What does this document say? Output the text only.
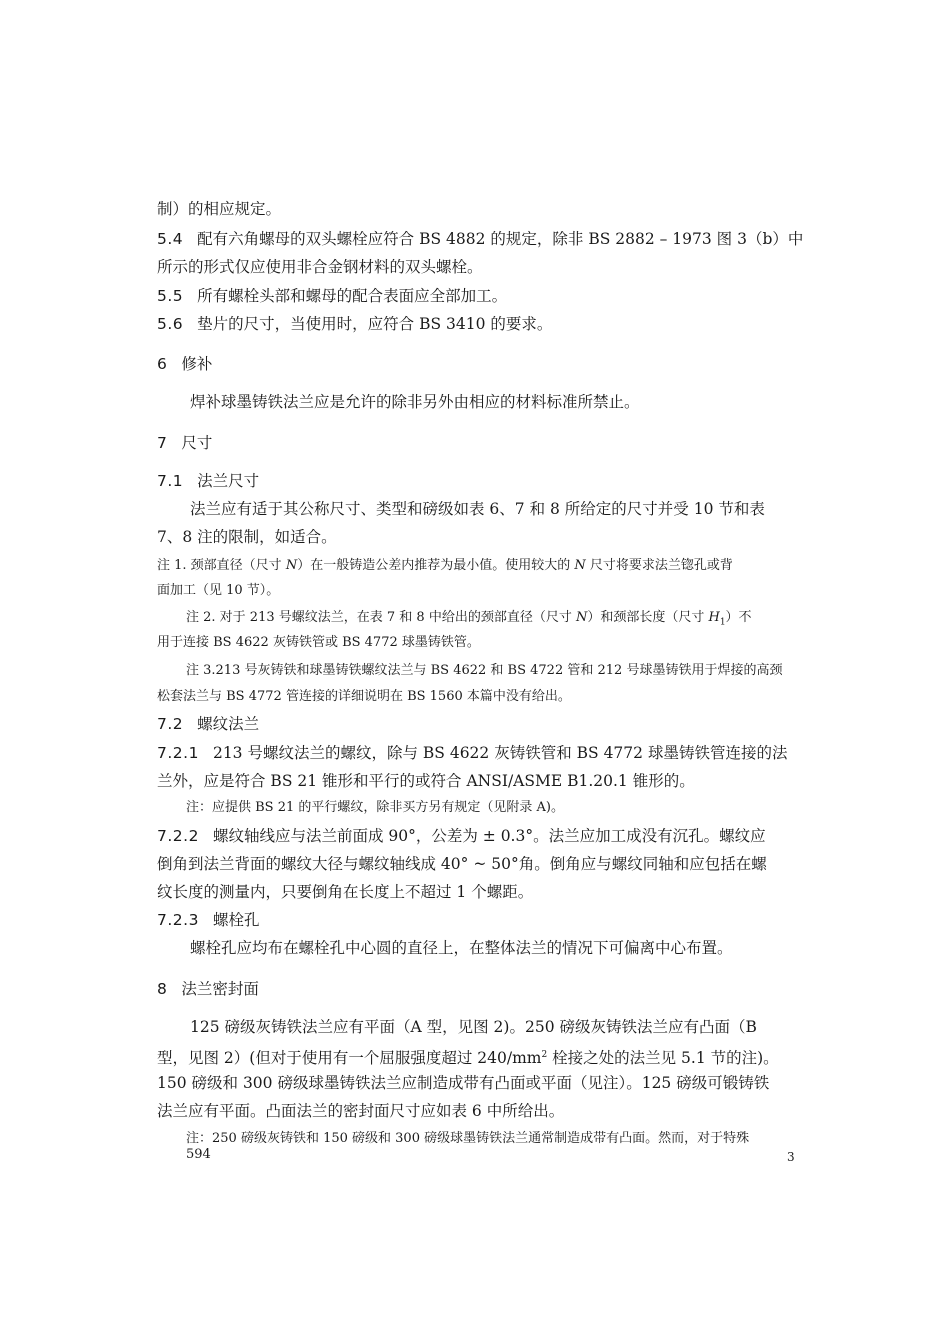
制）的相应规定。
5.4 配有六角螺母的双头螺栓应符合 BS 4882 的规定，除非 BS 2882 – 1973 图 3（b）中
所示的形式仅应使用非合金钢材料的双头螺栓。
5.5 所有螺栓头部和螺母的配合表面应全部加工。
5.6 垫片的尺寸，当使用时，应符合 BS 3410 的要求。
6 修补
焊补球墨铸铁法兰应是允许的除非另外由相应的材料标准所禁止。
7 尺寸
7.1 法兰尺寸
法兰应有适于其公称尺寸、类型和磅级如表 6、7 和 8 所给定的尺寸并受 10 节和表
7、8 注的限制，如适合。
注 1. 颈部直径（尺寸 N）在一般铸造公差内推荐为最小值。使用较大的 N 尺寸将要求法兰锪孔或背
面加工（见 10 节）。
注 2. 对于 213 号螺纹法兰，在表 7 和 8 中给出的颈部直径（尺寸 N）和颈部长度（尺寸 $H_1$）不
用于连接 BS 4622 灰铸铁管或 BS 4772 球墨铸铁管。
注 3.213 号灰铸铁和球墨铸铁螺纹法兰与 BS 4622 和 BS 4722 管和 212 号球墨铸铁用于焊接的高颈
松套法兰与 BS 4772 管连接的详细说明在 BS 1560 本篇中没有给出。
7.2 螺纹法兰
7.2.1 213 号螺纹法兰的螺纹，除与 BS 4622 灰铸铁管和 BS 4772 球墨铸铁管连接的法
兰外，应是符合 BS 21 锥形和平行的或符合 ANSI/ASME B1.20.1 锥形的。
注：应提供 BS 21 的平行螺纹，除非买方另有规定（见附录 A)。
7.2.2 螺纹轴线应与法兰前面成 90°，公差为 ± 0.3°。法兰应加工成没有沉孔。螺纹应
倒角到法兰背面的螺纹大径与螺纹轴线成 40° ~ 50°角。倒角应与螺纹同轴和应包括在螺
纹长度的测量内，只要倒角在长度上不超过 1 个螺距。
7.2.3 螺栓孔
螺栓孔应均布在螺栓孔中心圆的直径上，在整体法兰的情况下可偏离中心布置。
8 法兰密封面
125 磅级灰铸铁法兰应有平面（A 型，见图 2)。250 磅级灰铸铁法兰应有凸面（B
型，见图 2）(但对于使用有一个屈服强度超过 $240/mm^2$ 栓接之处的法兰见 5.1 节的注)。
150 磅级和 300 磅级球墨铸铁法兰应制造成带有凸面或平面（见注）。125 磅级可锻铸铁
法兰应有平面。凸面法兰的密封面尺寸应如表 6 中所给出。
注：250 磅级灰铸铁和 150 磅级和 300 磅级球墨铸铁法兰通常制造成带有凸面。然而，对于特殊
594	3
